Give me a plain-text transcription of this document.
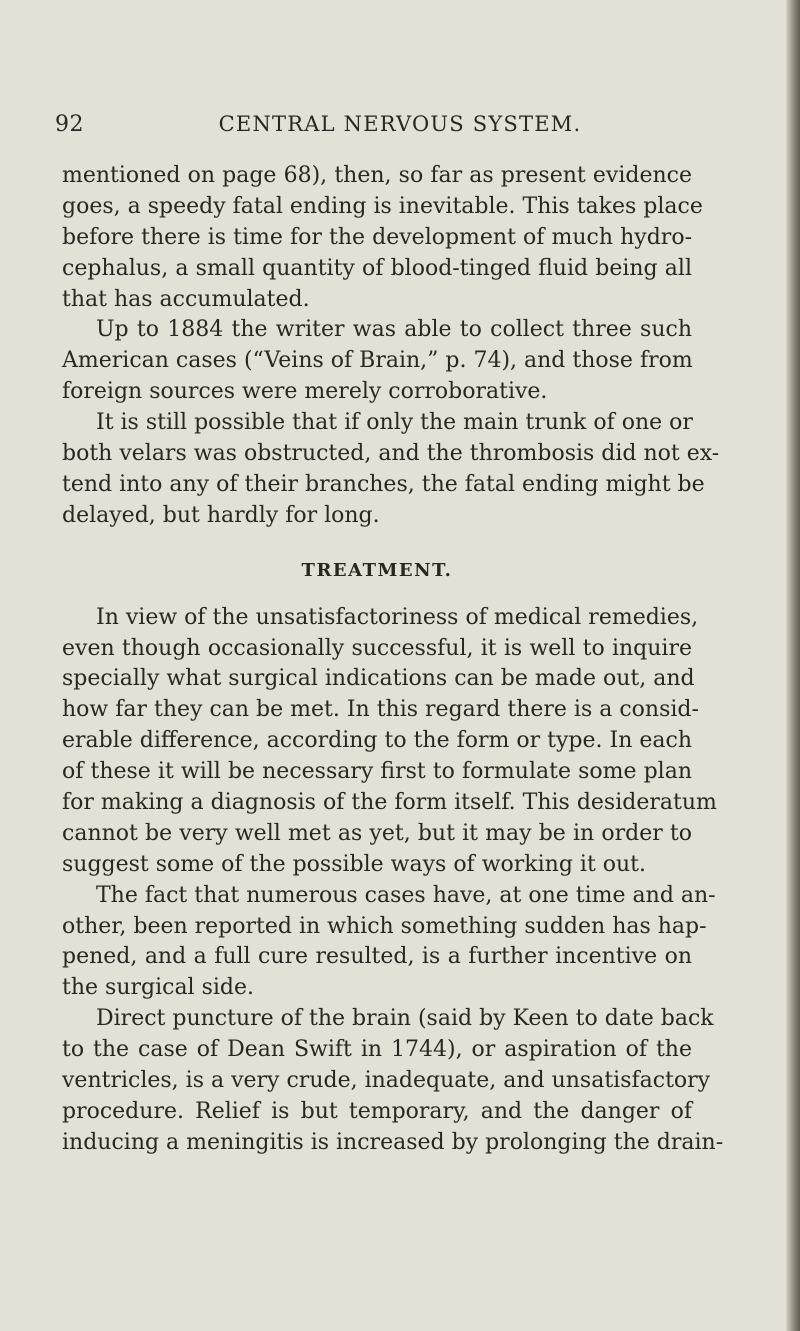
92	CENTRAL NERVOUS SYSTEM.
mentioned on page 68), then, so far as present evidence
goes, a speedy fatal ending is inevitable. This takes place
before there is time for the development of much hydro-
cephalus, a small quantity of blood-tinged fluid being all
that has accumulated.
Up to 1884 the writer was able to collect three such
American cases (“Veins of Brain,” p. 74), and those from
foreign sources were merely corroborative.
It is still possible that if only the main trunk of one or
both velars was obstructed, and the thrombosis did not ex-
tend into any of their branches, the fatal ending might be
delayed, but hardly for long.
TREATMENT.
In view of the unsatisfactoriness of medical remedies,
even though occasionally successful, it is well to inquire
specially what surgical indications can be made out, and
how far they can be met. In this regard there is a consid-
erable difference, according to the form or type. In each
of these it will be necessary first to formulate some plan
for making a diagnosis of the form itself. This desideratum
cannot be very well met as yet, but it may be in order to
suggest some of the possible ways of working it out.
The fact that numerous cases have, at one time and an-
other, been reported in which something sudden has hap-
pened, and a full cure resulted, is a further incentive on
the surgical side.
Direct puncture of the brain (said by Keen to date back
to the case of Dean Swift in 1744), or aspiration of the
ventricles, is a very crude, inadequate, and unsatisfactory
procedure. Relief is but temporary, and the danger of
inducing a meningitis is increased by prolonging the drain-
